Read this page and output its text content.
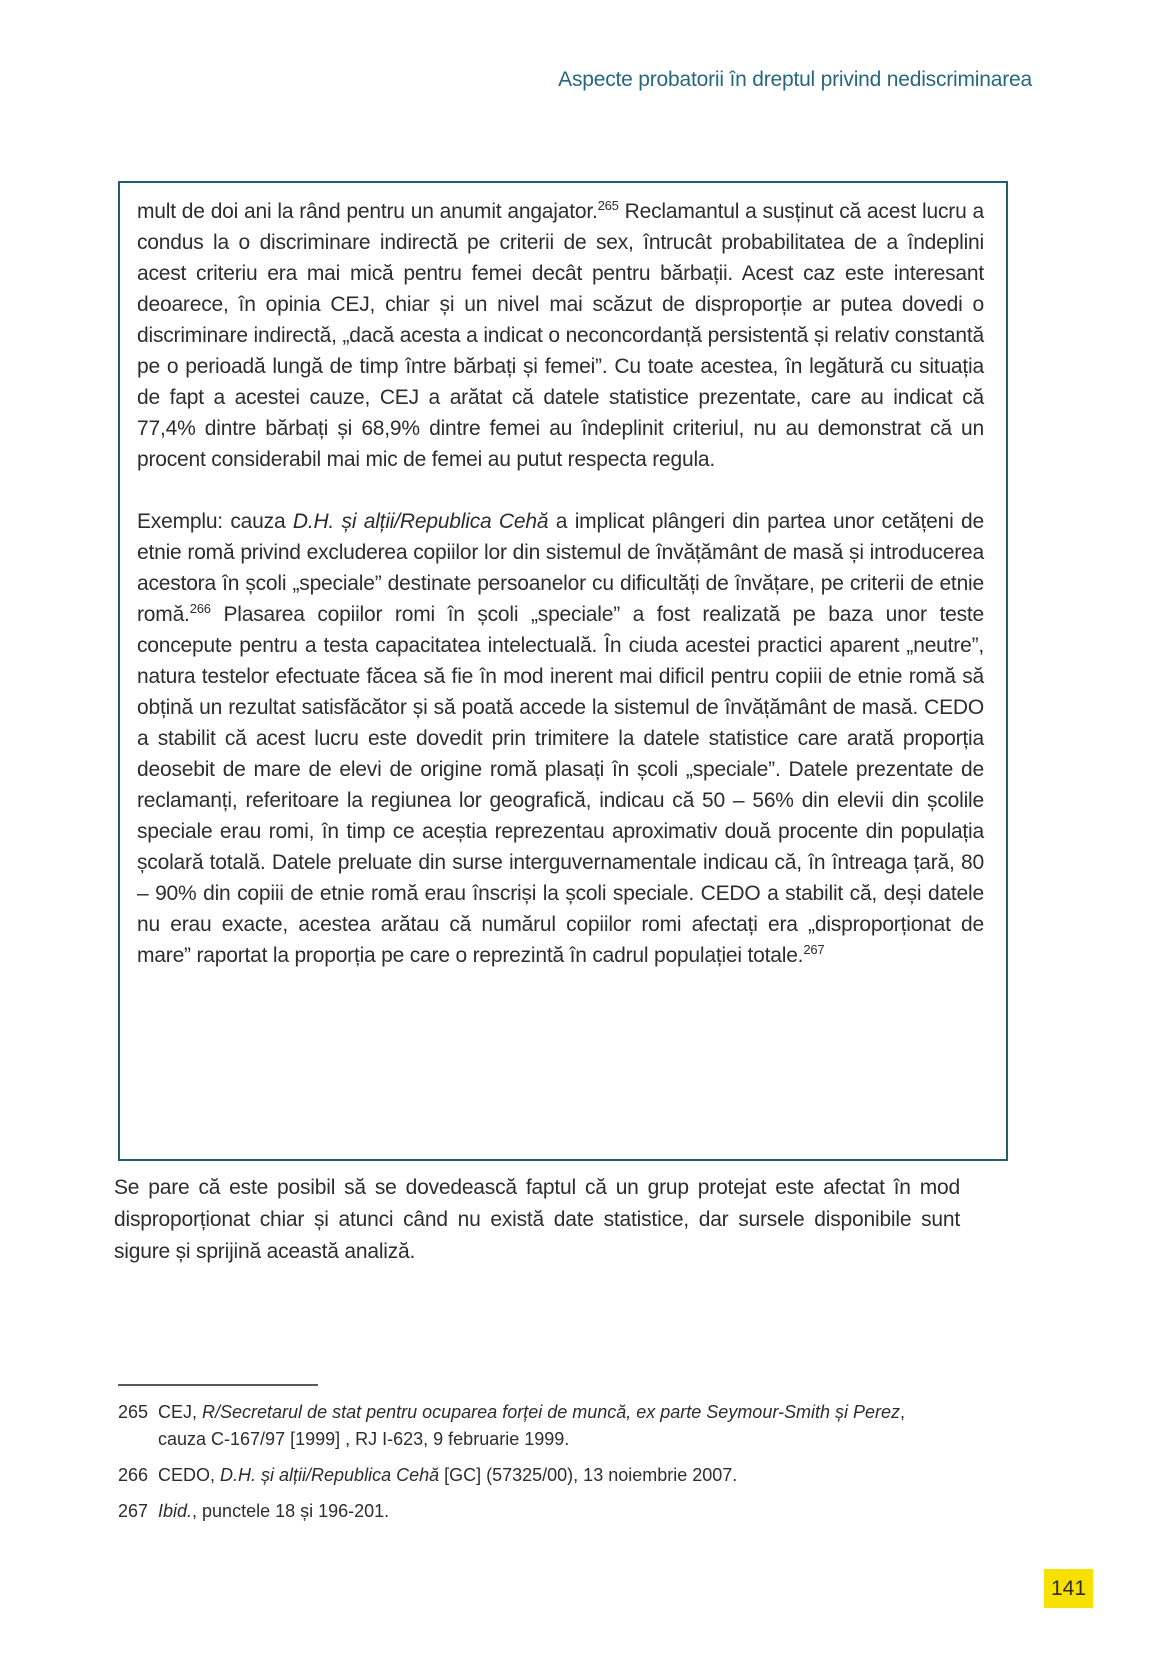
Aspecte probatorii în dreptul privind nediscriminarea

mult de doi ani la rând pentru un anumit angajator.$^{265}$ Reclamantul a susținut că acest lucru a condus la o discriminare indirectă pe criterii de sex, întrucât probabilitatea de a îndeplini acest criteriu era mai mică pentru femei decât pentru bărbații. Acest caz este interesant deoarece, în opinia CEJ, chiar și un nivel mai scăzut de disproporție ar putea dovedi o discriminare indirectă, „dacă acesta a indicat o neconcordanță persistentă și relativ constantă pe o perioadă lungă de timp între bărbați și femei”. Cu toate acestea, în legătură cu situația de fapt a acestei cauze, CEJ a arătat că datele statistice prezentate, care au indicat că 77,4% dintre bărbați și 68,9% dintre femei au îndeplinit criteriul, nu au demonstrat că un procent considerabil mai mic de femei au putut respecta regula.

Exemplu: cauza D.H. și alții/Republica Cehă a implicat plângeri din partea unor cetățeni de etnie romă privind excluderea copiilor lor din sistemul de învățământ de masă și introducerea acestora în școli „speciale” destinate persoanelor cu dificultăți de învățare, pe criterii de etnie romă.$^{266}$ Plasarea copiilor romi în școli „speciale” a fost realizată pe baza unor teste concepute pentru a testa capacitatea intelectuală. În ciuda acestei practici aparent „neutre”, natura testelor efectuate făcea să fie în mod inerent mai dificil pentru copiii de etnie romă să obțină un rezultat satisfăcător și să poată accede la sistemul de învățământ de masă. CEDO a stabilit că acest lucru este dovedit prin trimitere la datele statistice care arată proporția deosebit de mare de elevi de origine romă plasați în școli „speciale”. Datele prezentate de reclamanți, referitoare la regiunea lor geografică, indicau că 50 – 56% din elevii din școlile speciale erau romi, în timp ce aceștia reprezentau aproximativ două procente din populația școlară totală. Datele preluate din surse interguvernamentale indicau că, în întreaga țară, 80 – 90% din copiii de etnie romă erau înscriși la școli speciale. CEDO a stabilit că, deși datele nu erau exacte, acestea arătau că numărul copiilor romi afectați era „disproporționat de mare” raportat la proporția pe care o reprezintă în cadrul populației totale.$^{267}$

Se pare că este posibil să se dovedească faptul că un grup protejat este afectat în mod disproporționat chiar și atunci când nu există date statistice, dar sursele disponibile sunt sigure și sprijină această analiză.

265 CEJ, R/Secretarul de stat pentru ocuparea forței de muncă, ex parte Seymour-Smith și Perez, cauza C-167/97 [1999] , RJ I-623, 9 februarie 1999.
266 CEDO, D.H. și alții/Republica Cehă [GC] (57325/00), 13 noiembrie 2007.
267 Ibid., punctele 18 și 196-201.
141
